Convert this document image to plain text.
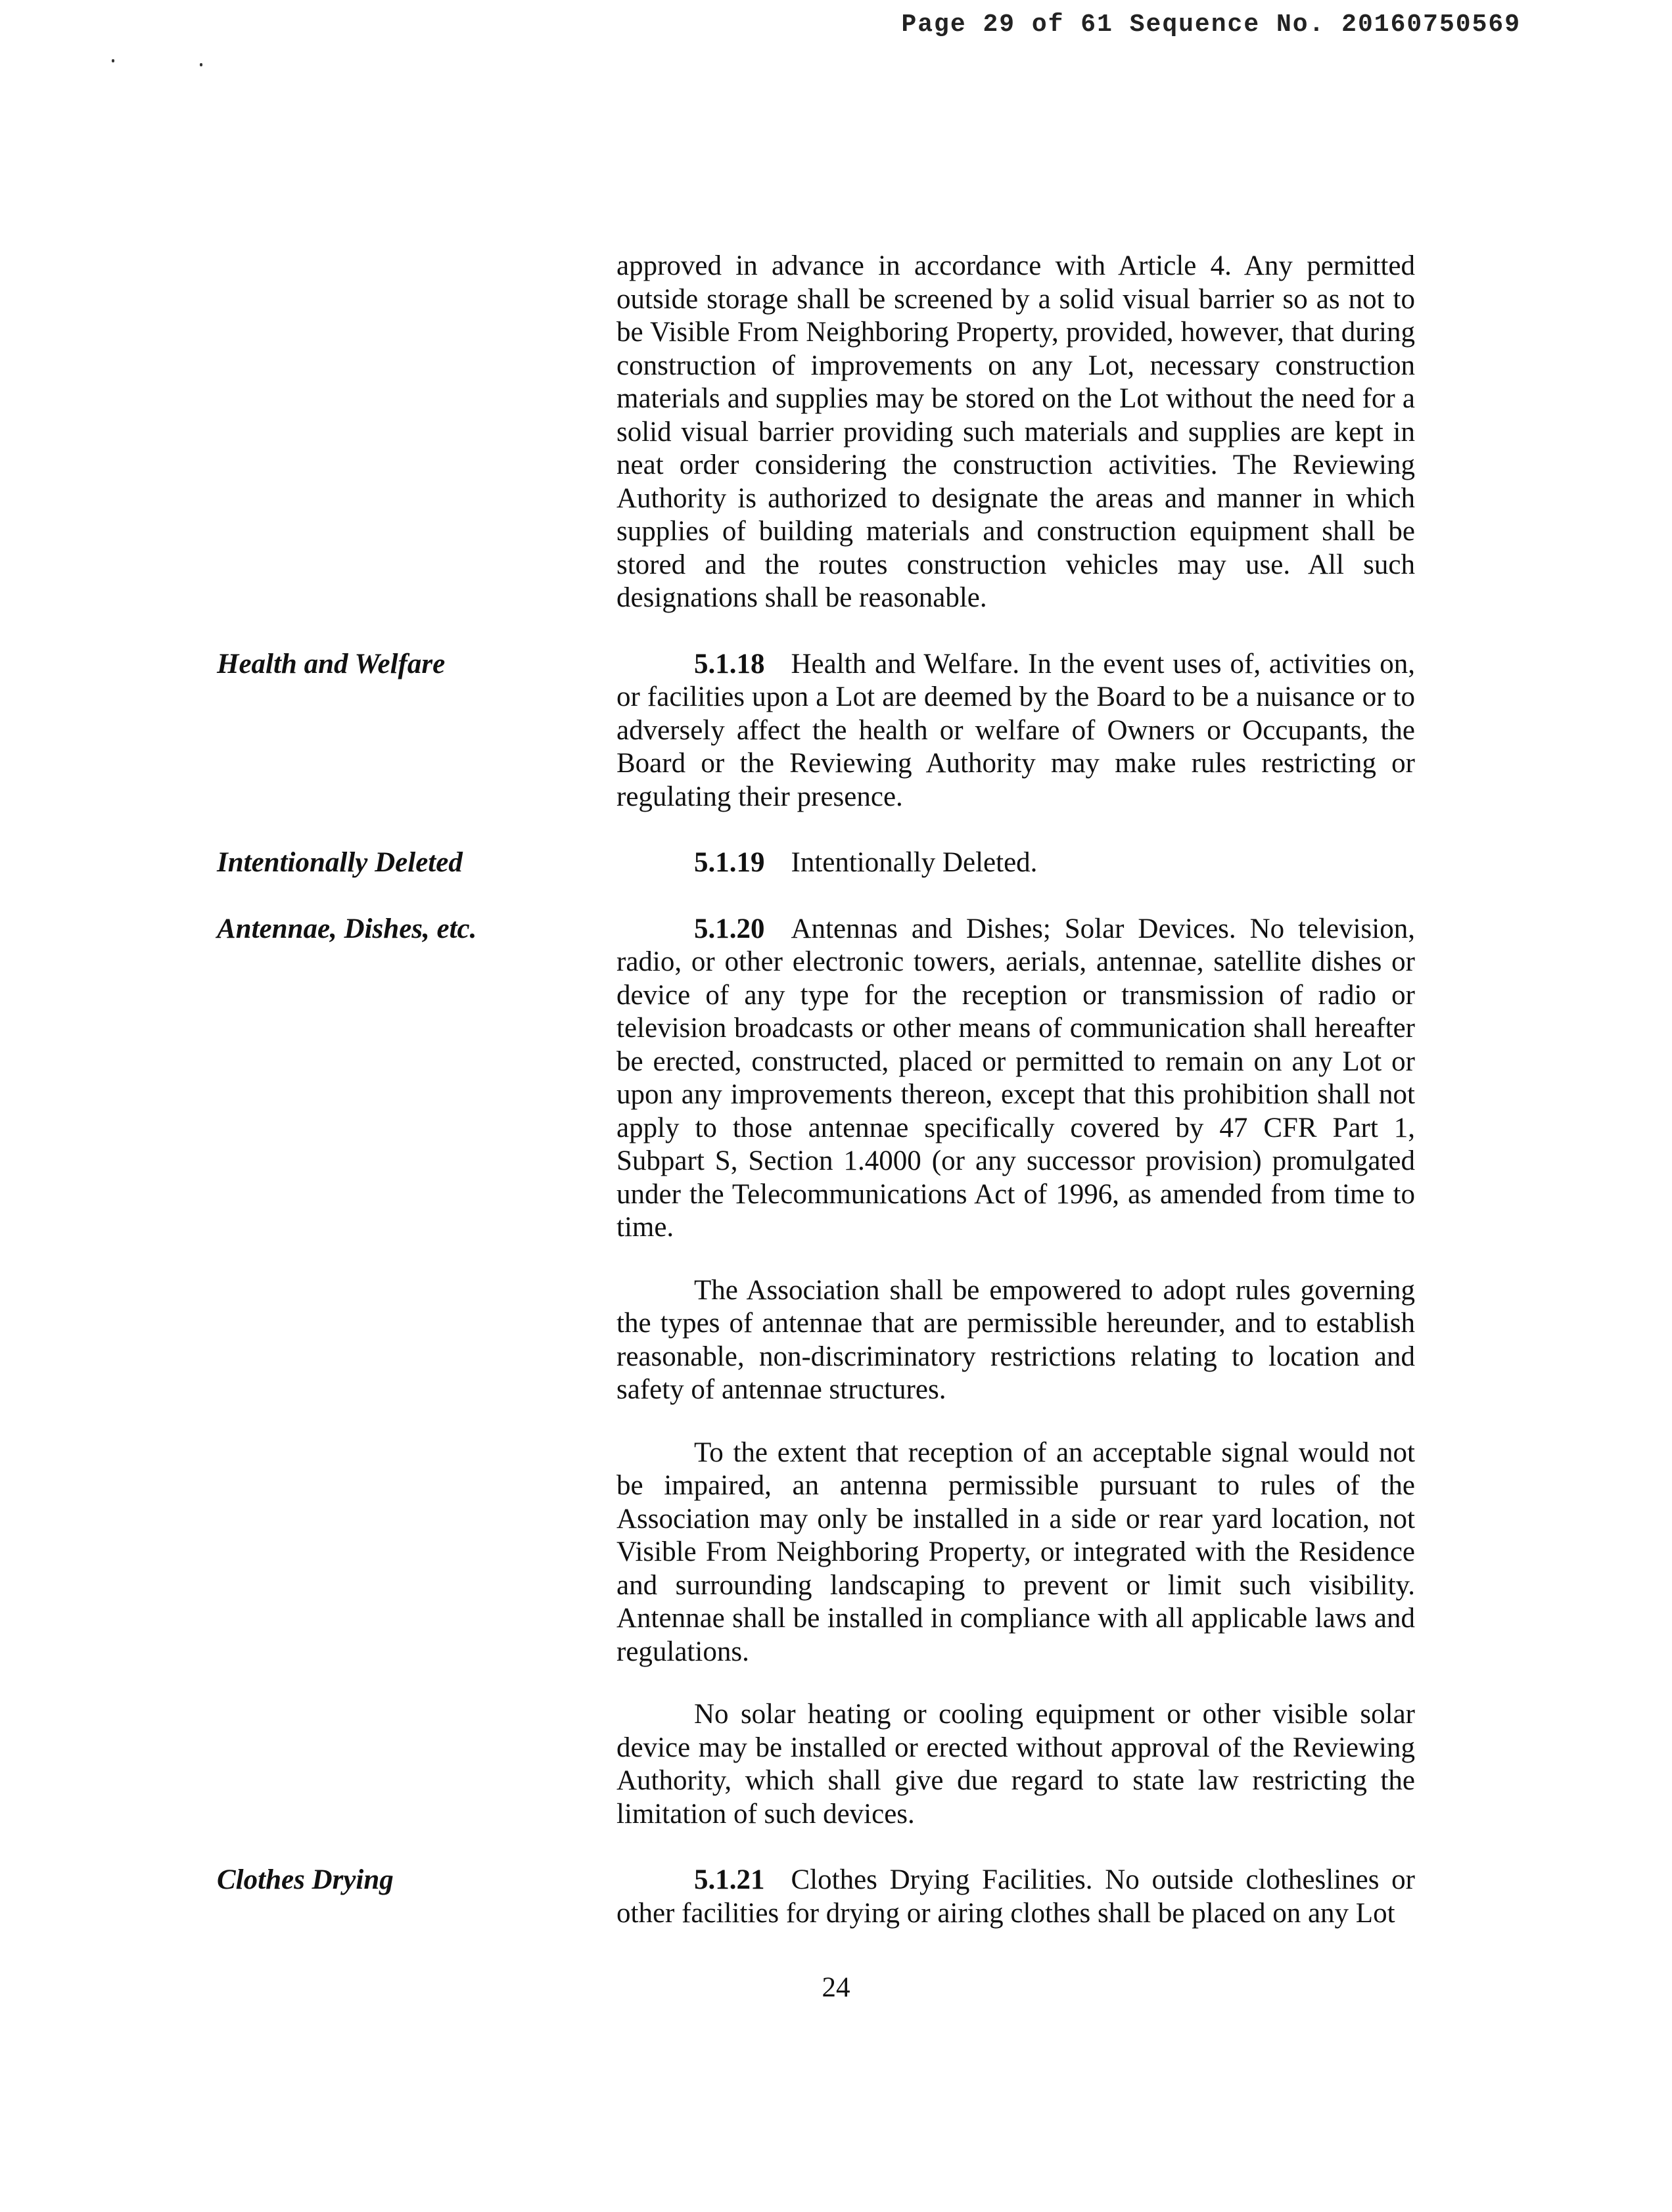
Page 29 of 61 Sequence No. 20160750569

approved in advance in accordance with Article 4. Any permitted outside storage shall be screened by a solid visual barrier so as not to be Visible From Neighboring Property, provided, however, that during construction of improvements on any Lot, necessary construction materials and supplies may be stored on the Lot without the need for a solid visual barrier providing such materials and supplies are kept in neat order considering the construction activities. The Reviewing Authority is authorized to designate the areas and manner in which supplies of building materials and construction equipment shall be stored and the routes construction vehicles may use. All such designations shall be reasonable.

Health and Welfare	5.1.18 Health and Welfare. In the event uses of, activities on, or facilities upon a Lot are deemed by the Board to be a nuisance or to adversely affect the health or welfare of Owners or Occupants, the Board or the Reviewing Authority may make rules restricting or regulating their presence.

Intentionally Deleted	5.1.19 Intentionally Deleted.

Antennae, Dishes, etc.	5.1.20 Antennas and Dishes; Solar Devices. No television, radio, or other electronic towers, aerials, antennae, satellite dishes or device of any type for the reception or transmission of radio or television broadcasts or other means of communication shall hereafter be erected, constructed, placed or permitted to remain on any Lot or upon any improvements thereon, except that this prohibition shall not apply to those antennae specifically covered by 47 CFR Part 1, Subpart S, Section 1.4000 (or any successor provision) promulgated under the Telecommunications Act of 1996, as amended from time to time.

The Association shall be empowered to adopt rules governing the types of antennae that are permissible hereunder, and to establish reasonable, non-discriminatory restrictions relating to location and safety of antennae structures.

To the extent that reception of an acceptable signal would not be impaired, an antenna permissible pursuant to rules of the Association may only be installed in a side or rear yard location, not Visible From Neighboring Property, or integrated with the Residence and surrounding landscaping to prevent or limit such visibility. Antennae shall be installed in compliance with all applicable laws and regulations.

No solar heating or cooling equipment or other visible solar device may be installed or erected without approval of the Reviewing Authority, which shall give due regard to state law restricting the limitation of such devices.

Clothes Drying	5.1.21 Clothes Drying Facilities. No outside clotheslines or other facilities for drying or airing clothes shall be placed on any Lot

24
